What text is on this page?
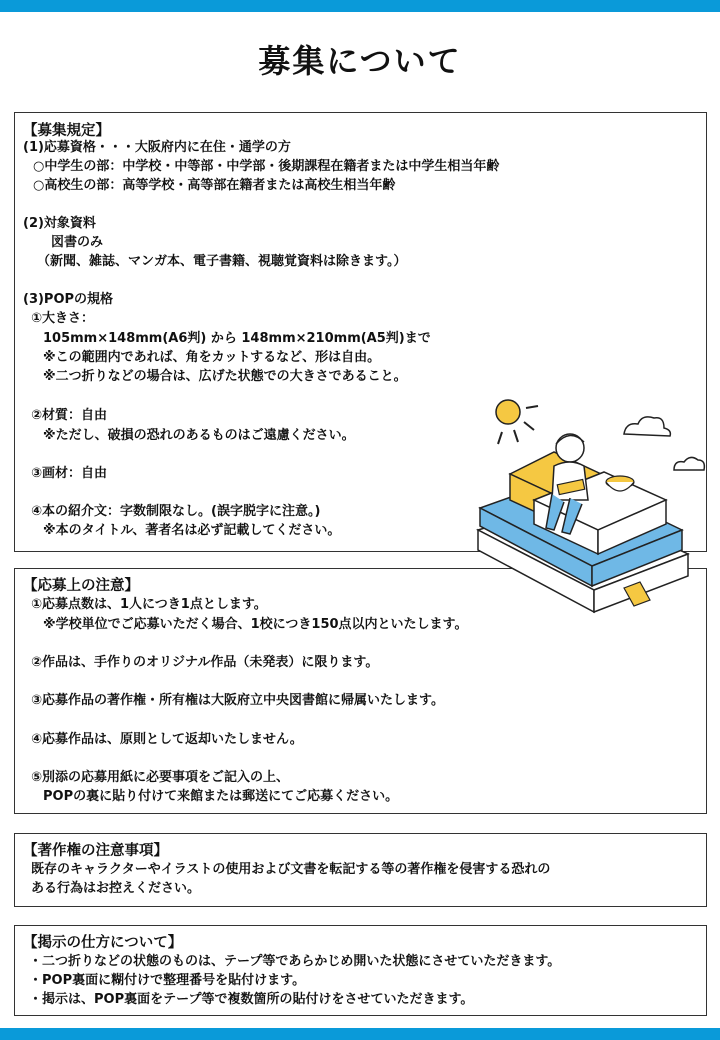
募集について
【募集規定】
(1)応募資格・・・大阪府内に在住・通学の方
○中学生の部：中学校・中等部・中学部・後期課程在籍者または中学生相当年齢
○高校生の部：高等学校・高等部在籍者または高校生相当年齢
(2)対象資料
図書のみ
（新聞、雑誌、マンガ本、電子書籍、視聴覚資料は除きます。）
(3)POPの規格
①大きさ：
105mm×148mm(A6判) から 148mm×210mm(A5判)まで
※この範囲内であれば、角をカットするなど、形は自由。
※二つ折りなどの場合は、広げた状態での大きさであること。
②材質：自由
※ただし、破損の恐れのあるものはご遠慮ください。
③画材：自由
④本の紹介文：字数制限なし。(誤字脱字に注意。)
※本のタイトル、著者名は必ず記載してください。
【応募上の注意】
①応募点数は、1人につき1点とします。
※学校単位でご応募いただく場合、1校につき150点以内といたします。
②作品は、手作りのオリジナル作品（未発表）に限ります。
③応募作品の著作権・所有権は大阪府立中央図書館に帰属いたします。
④応募作品は、原則として返却いたしません。
⑤別添の応募用紙に必要事項をご記入の上、
POPの裏に貼り付けて来館または郵送にてご応募ください。
【著作権の注意事項】
既存のキャラクターやイラストの使用および文書を転記する等の著作権を侵害する恐れの
ある行為はお控えください。
【掲示の仕方について】
・二つ折りなどの状態のものは、テープ等であらかじめ開いた状態にさせていただきます。
・POP裏面に糊付けで整理番号を貼付けます。
・掲示は、POP裏面をテープ等で複数箇所の貼付けをさせていただきます。
